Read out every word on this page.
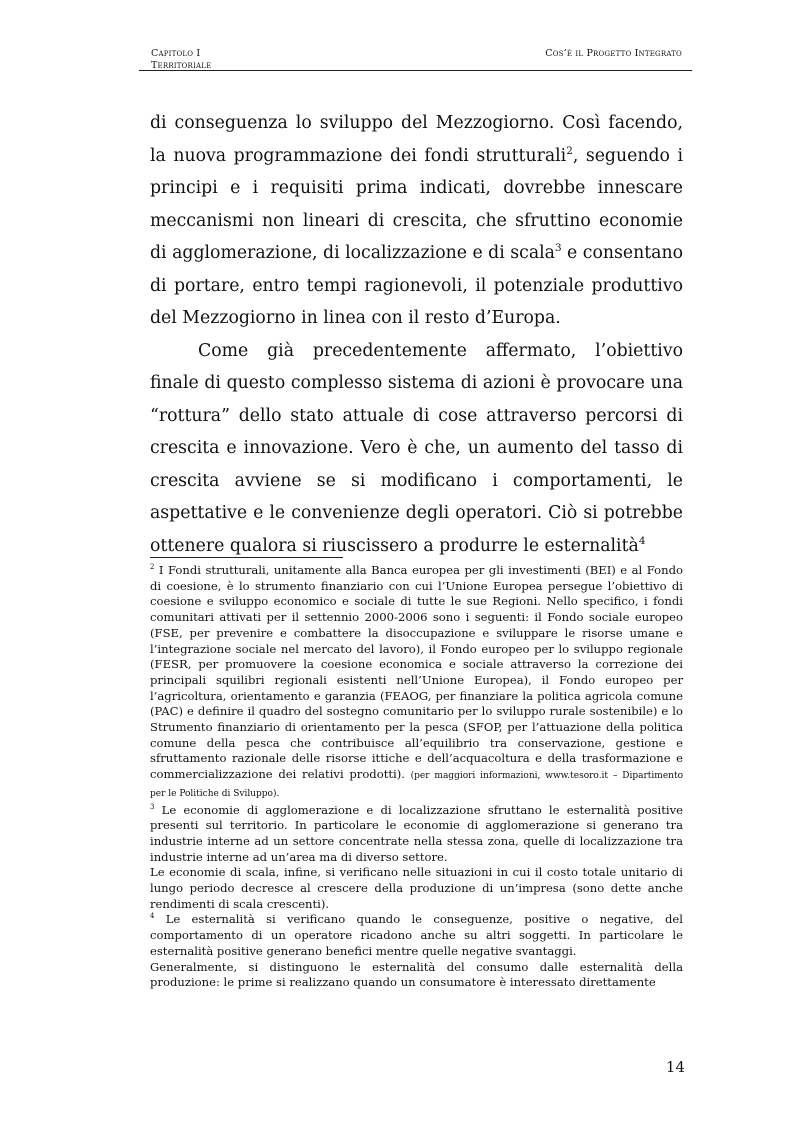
Capitolo I
Territoriale
Cos’è il Progetto Integrato

di conseguenza lo sviluppo del Mezzogiorno. Così facendo, la nuova programmazione dei fondi strutturali$^2$, seguendo i principi e i requisiti prima indicati, dovrebbe innescare meccanismi non lineari di crescita, che sfruttino economie di agglomerazione, di localizzazione e di scala$^3$ e consentano di portare, entro tempi ragionevoli, il potenziale produttivo del Mezzogiorno in linea con il resto d’Europa.

Come già precedentemente affermato, l’obiettivo finale di questo complesso sistema di azioni è provocare una “rottura” dello stato attuale di cose attraverso percorsi di crescita e innovazione. Vero è che, un aumento del tasso di crescita avviene se si modificano i comportamenti, le aspettative e le convenienze degli operatori. Ciò si potrebbe ottenere qualora si riuscissero a produrre le esternalità$^4$

$^2$ I Fondi strutturali, unitamente alla Banca europea per gli investimenti (BEI) e al Fondo di coesione, è lo strumento finanziario con cui l’Unione Europea persegue l’obiettivo di coesione e sviluppo economico e sociale di tutte le sue Regioni. Nello specifico, i fondi comunitari attivati per il settennio 2000-2006 sono i seguenti: il Fondo sociale europeo (FSE, per prevenire e combattere la disoccupazione e sviluppare le risorse umane e l’integrazione sociale nel mercato del lavoro), il Fondo europeo per lo sviluppo regionale (FESR, per promuovere la coesione economica e sociale attraverso la correzione dei principali squilibri regionali esistenti nell’Unione Europea), il Fondo europeo per l’agricoltura, orientamento e garanzia (FEAOG, per finanziare la politica agricola comune (PAC) e definire il quadro del sostegno comunitario per lo sviluppo rurale sostenibile) e lo Strumento finanziario di orientamento per la pesca (SFOP, per l’attuazione della politica comune della pesca che contribuisce all’equilibrio tra conservazione, gestione e sfruttamento razionale delle risorse ittiche e dell’acquacoltura e della trasformazione e commercializzazione dei relativi prodotti). (per maggiori informazioni, www.tesoro.it – Dipartimento per le Politiche di Sviluppo).

$^3$ Le economie di agglomerazione e di localizzazione sfruttano le esternalità positive presenti sul territorio. In particolare le economie di agglomerazione si generano tra industrie interne ad un settore concentrate nella stessa zona, quelle di localizzazione tra industrie interne ad un’area ma di diverso settore.

Le economie di scala, infine, si verificano nelle situazioni in cui il costo totale unitario di lungo periodo decresce al crescere della produzione di un’impresa (sono dette anche rendimenti di scala crescenti).

$^4$ Le esternalità si verificano quando le conseguenze, positive o negative, del comportamento di un operatore ricadono anche su altri soggetti. In particolare le esternalità positive generano benefici mentre quelle negative svantaggi.

Generalmente, si distinguono le esternalità del consumo dalle esternalità della produzione: le prime si realizzano quando un consumatore è interessato direttamente

14
